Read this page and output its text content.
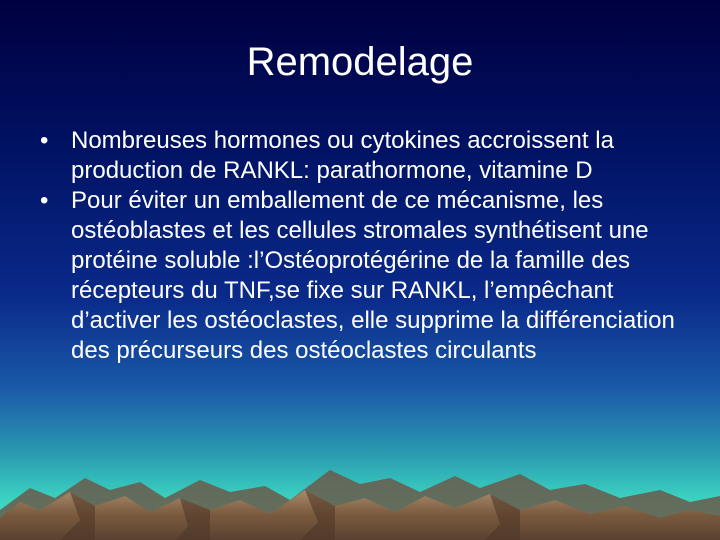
Remodelage
• Nombreuses hormones ou cytokines accroissent la production de RANKL: parathormone, vitamine D
• Pour éviter un emballement de ce mécanisme, les ostéoblastes et les cellules stromales synthétisent une protéine soluble :l’Ostéoprotégérine de la famille des récepteurs du TNF,se fixe sur RANKL, l’empêchant d’activer les ostéoclastes, elle supprime la différenciation des précurseurs des ostéoclastes circulants
